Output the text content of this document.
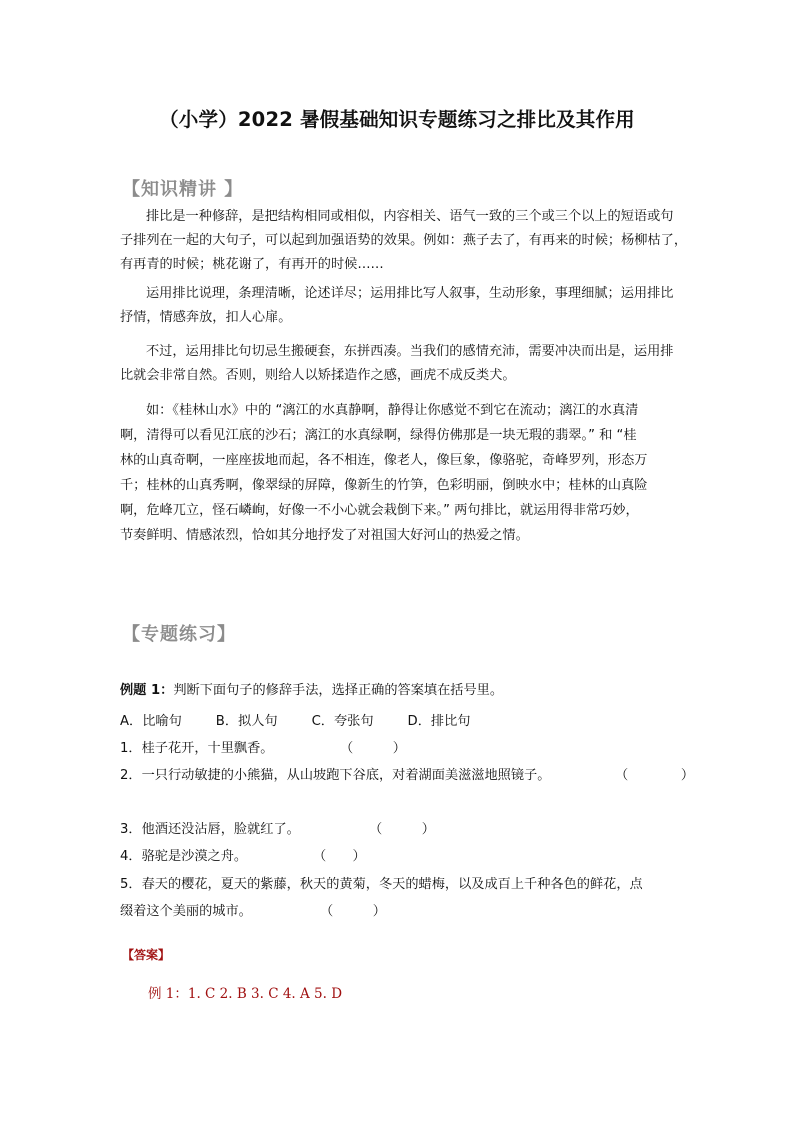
（小学）2022 暑假基础知识专题练习之排比及其作用
【知识精讲 】
排比是一种修辞，是把结构相同或相似，内容相关、语气一致的三个或三个以上的短语或句
子排列在一起的大句子，可以起到加强语势的效果。例如：燕子去了，有再来的时候；杨柳枯了，
有再青的时候；桃花谢了，有再开的时候……
运用排比说理，条理清晰，论述详尽；运用排比写人叙事，生动形象，事理细腻；运用排比
抒情，情感奔放，扣人心扉。
不过，运用排比句切忌生搬硬套，东拼西凑。当我们的感情充沛，需要冲决而出是，运用排
比就会非常自然。否则，则给人以矫揉造作之感，画虎不成反类犬。
如：《桂林山水》中的 “漓江的水真静啊，静得让你感觉不到它在流动；漓江的水真清
啊，清得可以看见江底的沙石；漓江的水真绿啊，绿得仿佛那是一块无瑕的翡翠。” 和 “桂
林的山真奇啊，一座座拔地而起，各不相连，像老人，像巨象，像骆驼，奇峰罗列，形态万
千；桂林的山真秀啊，像翠绿的屏障，像新生的竹笋，色彩明丽，倒映水中；桂林的山真险
啊，危峰兀立，怪石嶙峋，好像一不小心就会栽倒下来。” 两句排比，就运用得非常巧妙，
节奏鲜明、情感浓烈，恰如其分地抒发了对祖国大好河山的热爱之情。
【专题练习】
例题 1：判断下面句子的修辞手法，选择正确的答案填在括号里。
A．比喻句	B．拟人句	C．夸张句	D．排比句
1．桂子花开，十里飘香。	（　　　）
2．一只行动敏捷的小熊猫，从山坡跑下谷底，对着湖面美滋滋地照镜子。	（　　　　）
3．他酒还没沾唇，脸就红了。	（　　　）
4．骆驼是沙漠之舟。	（　　）
5．春天的樱花，夏天的紫藤，秋天的黄菊，冬天的蜡梅，以及成百上千种各色的鲜花，点
缀着这个美丽的城市。	（　　　）
【答案】
例 1：1. C 2. B 3. C 4. A 5. D
